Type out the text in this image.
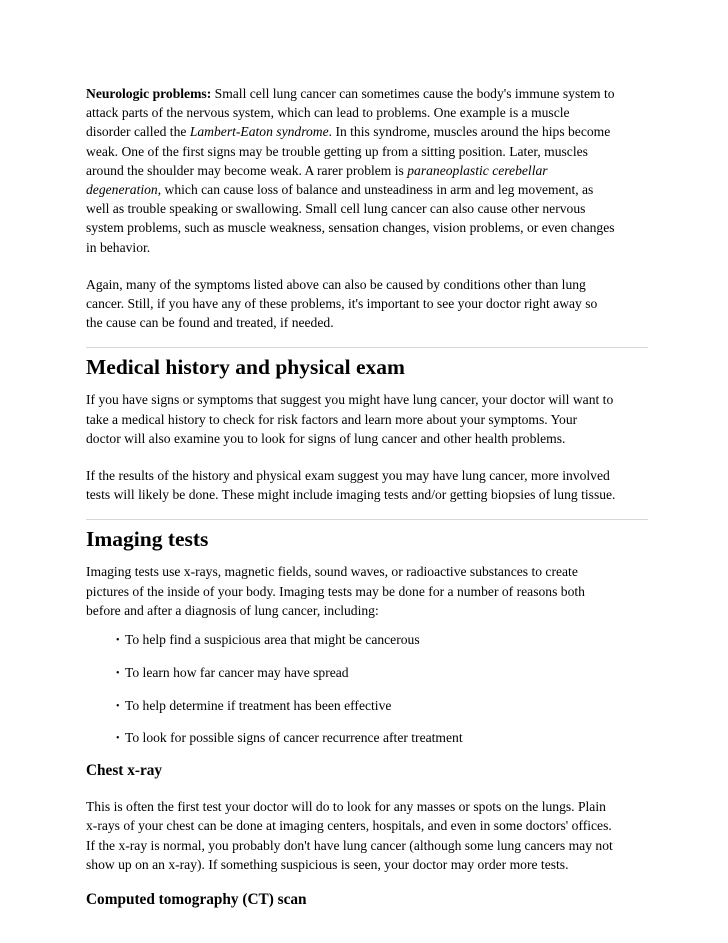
Neurologic problems: Small cell lung cancer can sometimes cause the body's immune system to

attack parts of the nervous system, which can lead to problems. One example is a muscle

disorder called the Lambert-Eaton syndrome. In this syndrome, muscles around the hips become

weak. One of the first signs may be trouble getting up from a sitting position. Later, muscles

around the shoulder may become weak. A rarer problem is paraneoplastic cerebellar

degeneration, which can cause loss of balance and unsteadiness in arm and leg movement, as

well as trouble speaking or swallowing. Small cell lung cancer can also cause other nervous

system problems, such as muscle weakness, sensation changes, vision problems, or even changes

in behavior.

Again, many of the symptoms listed above can also be caused by conditions other than lung

cancer. Still, if you have any of these problems, it's important to see your doctor right away so

the cause can be found and treated, if needed.

Medical history and physical exam

If you have signs or symptoms that suggest you might have lung cancer, your doctor will want to

take a medical history to check for risk factors and learn more about your symptoms. Your

doctor will also examine you to look for signs of lung cancer and other health problems.

If the results of the history and physical exam suggest you may have lung cancer, more involved

tests will likely be done. These might include imaging tests and/or getting biopsies of lung tissue.

Imaging tests

Imaging tests use x-rays, magnetic fields, sound waves, or radioactive substances to create

pictures of the inside of your body. Imaging tests may be done for a number of reasons both

before and after a diagnosis of lung cancer, including:

• To help find a suspicious area that might be cancerous
• To learn how far cancer may have spread
• To help determine if treatment has been effective
• To look for possible signs of cancer recurrence after treatment
Chest x-ray

This is often the first test your doctor will do to look for any masses or spots on the lungs. Plain

x-rays of your chest can be done at imaging centers, hospitals, and even in some doctors' offices.

If the x-ray is normal, you probably don't have lung cancer (although some lung cancers may not

show up on an x-ray). If something suspicious is seen, your doctor may order more tests.

Computed tomography (CT) scan
